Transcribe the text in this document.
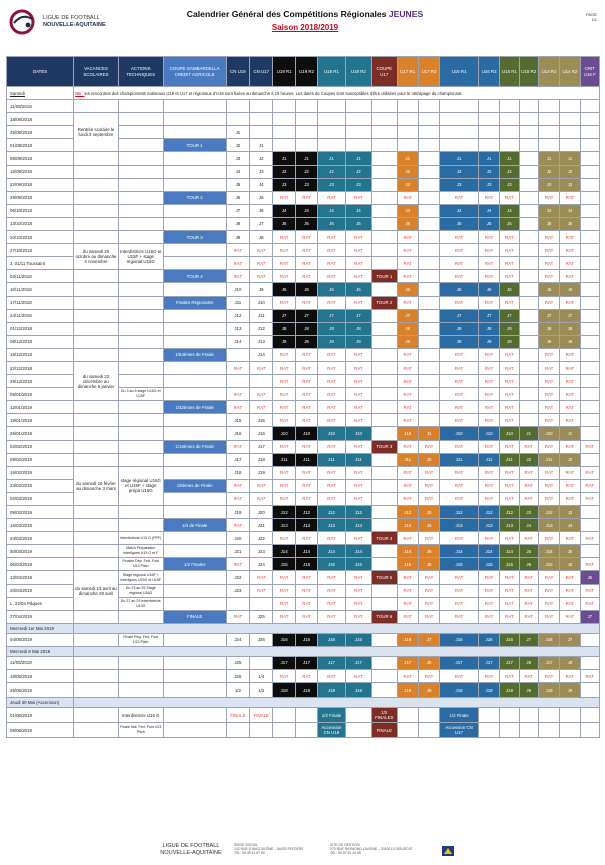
LIGUE DE FOOTBALL
NOUVELLE-AQUITAINE
Calendrier Général des Compétitions Régionales JEUNES
Saison 2018/2019
PAGE
1/1
DATES	VACANCES SCOLAIRES	ACTIONS TECHNIQUES	COUPE GAMBARDELLA CREDIT AGRICOLE	CN U19	CN U17	U19 R1	U19 R2	U18 R1	U18 R2	COUPE U17	U17 R1	U17 R2	U16 R1	U16 R2	U15 R1	U15 R2	U14 R1	U14 R2	CRIT U16 F
Samedi	NB : les rencontres des championnats nationaux U19 et U17 et régionaux d'U19 sont fixées au dimanche à 15 heures. Les dates de Coupes sont susceptibles d'être utilisées pour le rattrapage du championnat																		
11/08/2018																			
18/08/2018	Rentrée scolaire le lundi 3 septembre																		
25/08/2018				J1															
01/09/2018			TOUR 1	J2	J1														
08/09/2018				J3	J2	J1	J1	J1	J1		J1		J1	J1	J1		J1	J1	
15/09/2018				J4	J3	J2	J2	J2	J2		J2		J2	J2	J2		J2	J2	
22/09/2018				J5	J4	J3	J3	J3	J3		J3		J3	J3	J3		J3	J3	
29/09/2018			TOUR 2	J6	J5	RAT	RAT	RAT	RAT		RAT		RAT	RAT	RAT		RAT	RAT	
06/10/2018				J7	J6	J4	J4	J4	J4		J4		J4	J4	J4		J4	J4	
13/10/2018				J8	J7	J5	J5	J5	J5		J5		J5	J5	J5		J5	J5	
20/10/2018			TOUR 3	J9	J8	RAT	RAT	RAT	RAT		RAT		RAT	RAT	RAT		RAT	RAT	
27/10/2018	du samedi 20 octobre au dimanche 4 novembre	Interdistricts U15G et U15F + stage régional U16G		RAT	RAT	RAT	RAT	RAT	RAT		RAT		RAT	RAT	RAT		RAT	RAT	
J. 01/11 Toussaint				RAT	RAT	RAT	RAT	RAT	RAT		RAT		RAT	RAT	RAT		RAT	RAT	
03/11/2018			TOUR 4	RAT	RAT	RAT	RAT	RAT	RAT	TOUR 1	RAT		RAT	RAT	RAT		RAT	RAT	
10/11/2018				J10	J9	J6	J6	J6	J6		J6		J6	J6	J6		J6	J6	
17/11/2018			Finales Régionales	J11	J10	RAT	RAT	RAT	RAT	TOUR 2	RAT		RAT	RAT	RAT		RAT	RAT	
24/11/2018				J12	J11	J7	J7	J7	J7		J7		J7	J7	J7		J7	J7	
01/12/2018				J13	J12	J8	J8	J8	J8		J8		J8	J8	J8		J8	J8	
08/12/2018				J14	J13	J9	J9	J9	J9		J9		J9	J9	J9		J9	J9	
15/12/2018			1/64èmes de Finale		J14	RAT	RAT	RAT	RAT		RAT		RAT	RAT	RAT		RAT	RAT	
22/12/2018	du samedi 22 décembre au dimanche 6 janvier			RAT	RAT	RAT	RAT	RAT	RAT		RAT		RAT	RAT	RAT		RAT	RAT	
29/12/2018						RAT	RAT	RAT	RAT		RAT		RAT	RAT	RAT		RAT	RAT	
05/01/2019		Du 3 au 5 stage U15G et U15F		RAT	RAT	RAT	RAT	RAT	RAT		RAT		RAT	RAT	RAT		RAT	RAT	
12/01/2019			1/32èmes de Finale	RAT	RAT	RAT	RAT	RAT	RAT		RAT		RAT	RAT	RAT		RAT	RAT	
19/01/2019				J15	J15	RAT	RAT	RAT	RAT		RAT		RAT	RAT	RAT		RAT	RAT	
26/01/2019				J16	J16	J10	J10	J10	J10		J10	J1	J10	J10	J10	J1	J10	J1	
02/02/2019			1/16èmes de Finale	RAT	J17	RAT	RAT	RAT	RAT	TOUR 3	RAT	RAT	RAT	RAT	RAT	RAT	RAT	RAT	RAT
09/02/2019				J17	J18	J11	J11	J11	J11		J11	J2	J11	J11	J11	J2	J11	J2	
16/02/2019	du samedi 16 février au dimanche 3 mars	stage régional U16G et U15F + stage prépa U16G		J18	J19	RAT	RAT	RAT	RAT		RAT	RAT	RAT	RAT	RAT	RAT	RAT	RAT	RAT
23/02/2019			1/8èmes de Finale	RAT	RAT	RAT	RAT	RAT	RAT		RAT	RAT	RAT	RAT	RAT	RAT	RAT	RAT	RAT
02/03/2019				RAT	RAT	RAT	RAT	RAT	RAT		RAT	RAT	RAT	RAT	RAT	RAT	RAT	RAT	RAT
09/03/2019				J19	J20	J12	J12	J12	J12		J12	J3	J12	J12	J12	J3	J12	J3	
16/03/2019			1/4 de Finale	RAT	J21	J13	J13	J13	J13		J13	J4	J13	J13	J13	J4	J13	J4	
23/03/2019		Interdistricts U13 G (PPF)		J20	J22	RAT	RAT	RAT	RAT	TOUR 4	RAT	RAT	RAT	RAT	RAT	RAT	RAT	RAT	RAT
30/03/2019		Match Préparation Interligues U15 G et F		J21	J23	J14	J14	J14	J14		J14	J5	J14	J14	J14	J5	J14	J5	
06/04/2019		Finales Dép. Fed. Foot U13 Pitch	1/2 Finales	RAT	J24	J15	J15	J15	J15		J15	J6	J15	J15	J15	J6	J15	J6	RAT
13/04/2019	du samedi 13 avril au dimanche 28 avril	Stage régional U16F + Interligues U15G et U15F		J22	RAT	RAT	RAT	RAT	RAT	TOUR 5	RAT	RAT	RAT	RAT	RAT	RAT	RAT	RAT	J6
20/04/2019		Du 23 au 25 Stage régional U16G		J23	RAT	RAT	RAT	RAT	RAT		RAT	RAT	RAT	RAT	RAT	RAT	RAT	RAT	RAT
L. 22/04 Pâques		Du 27 au 29 Interdistricts U14G				RAT	RAT	RAT	RAT		RAT	RAT	RAT	RAT	RAT	RAT	RAT	RAT	RAT
27/04/2019			FINALE	RAT	J25	RAT	RAT	RAT	RAT	TOUR 6	RAT	RAT	RAT	RAT	RAT	RAT	RAT	RAT	J7
Mercredi 1er Mai 2019																			
04/05/2019		Finale Rég. Fed. Foot U13 Pitch		J24	J26	J16	J16	J16	J16		J16	J7	J16	J16	J16	J7	J16	J7	
Mercredi 8 Mai 2019																			
11/05/2019				J25		J17	J17	J17	J17		J17	J8	J17	J17	J17	J8	J17	J8	
18/05/2019				J26	1/4	RAT	RAT	RAT	RAT		RAT	RAT	RAT	RAT	RAT	RAT	RAT	RAT	RAT
25/05/2019				1/2	1/2	J18	J18	J18	J18		J18	J9	J18	J18	J18	J9	J18	J9	
Jeudi 30 Mai (Ascension)																			
01/06/2019		Interdistricts U16 G		FINALE	FINALE			1/2 Finale		1/2 FINALES			1/2 Finale						
08/06/2019		Finale Nat. Fed. Foot U13 Pitch						Accession CN U19		FINALE			Accession CN U17						
LIGUE DE FOOTBALL
NOUVELLE-AQUITAINE
SIÈGE SOCIAL
102 RUE D'ANGOULÊME – 86400 POITIERS
TÉL. 05 49 41 87 80
SITE DE GESTION
270 RUE RAYMOND LAVIGNE – 33100 LE BOUSCAT
TÉL. 05 57 81 44 55
